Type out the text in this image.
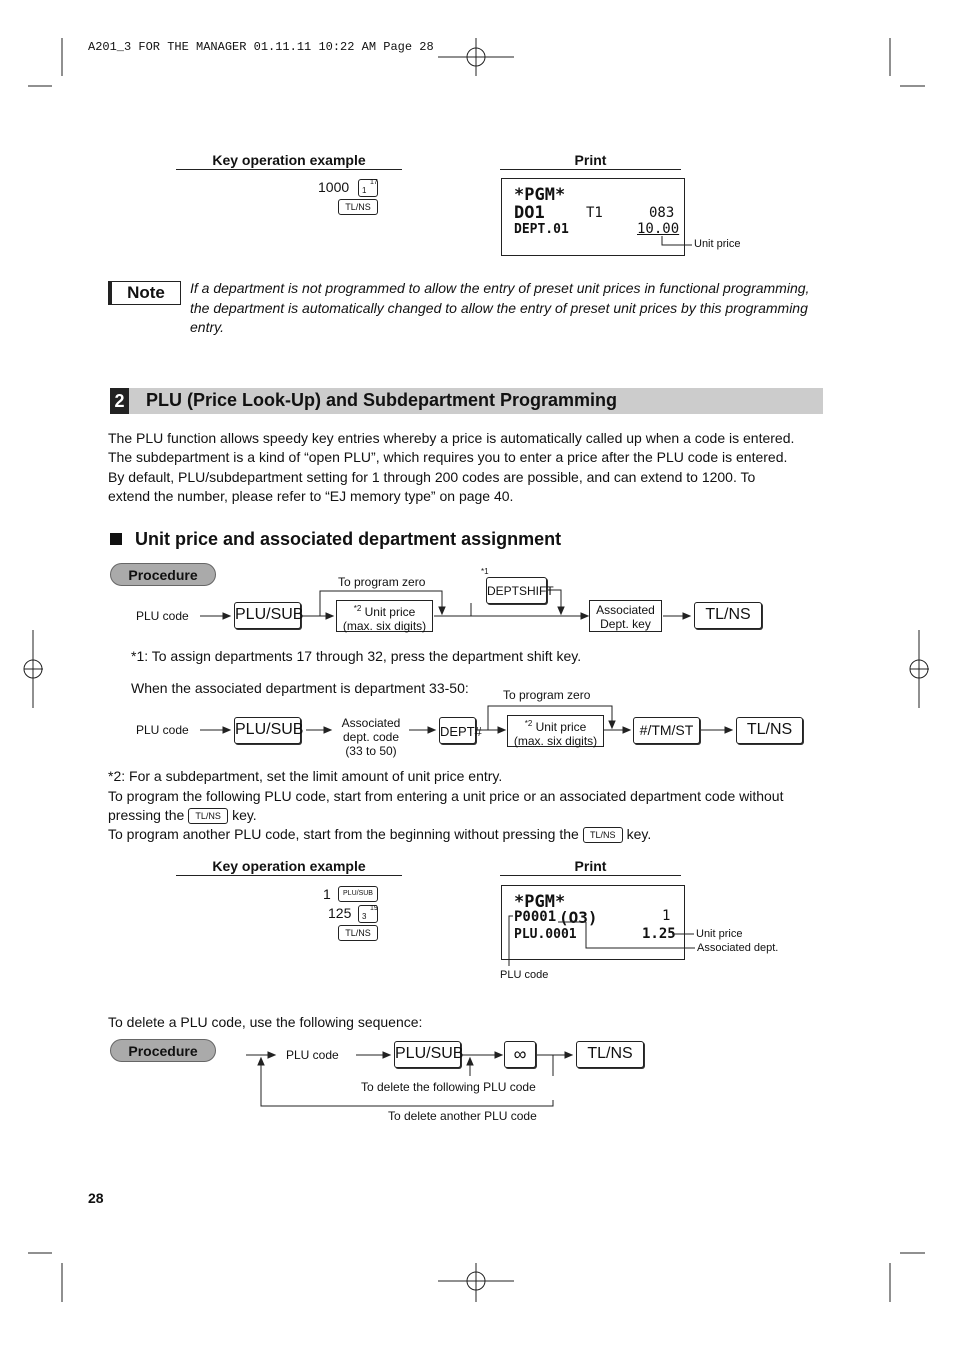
A201_3 FOR THE MANAGER 01.11.11 10:22 AM Page 28
Key operation example	Print
1000	17
1
TL/NS
*PGM*
DO1	T1	083
DEPT.01	10.00
Unit price
Note	If a department is not programmed to allow the entry of preset unit prices in functional programming, the department is automatically changed to allow the entry of preset unit prices by this programming entry.
2 PLU (Price Look-Up) and Subdepartment Programming
The PLU function allows speedy key entries whereby a price is automatically called up when a code is entered.
The subdepartment is a kind of “open PLU”, which requires you to enter a price after the PLU code is entered.
By default, PLU/subdepartment setting for 1 through 200 codes are possible, and can extend to 1200. To
extend the number, please refer to “EJ memory type” on page 40.
Unit price and associated department assignment
Procedure
PLU code	PLU/SUB
To program zero
$^{*2}$ Unit price
(max. six digits)
*1
DEPTSHIFT
Associated
Dept. key
TL/NS
*1: To assign departments 17 through 32, press the department shift key.
When the associated department is department 33-50:
PLU code	PLU/SUB	Associated
dept. code
(33 to 50)
DEPT#
To program zero
$^{*2}$ Unit price
(max. six digits)
#/TM/ST	TL/NS
*2: For a subdepartment, set the limit amount of unit price entry.
To program the following PLU code, start from entering a unit price or an associated department code without
pressing the TL/NS key.
To program another PLU code, start from the beginning without pressing the TL/NS key.
Key operation example	Print
1	PLU/SUB
125	19
3
TL/NS
*PGM*
P0001 (O3)	1
PLU.0001	1.25 Unit price
Associated dept.
PLU code
To delete a PLU code, use the following sequence:
Procedure	PLU code	PLU/SUB	∞	TL/NS
To delete the following PLU code
To delete another PLU code
28
